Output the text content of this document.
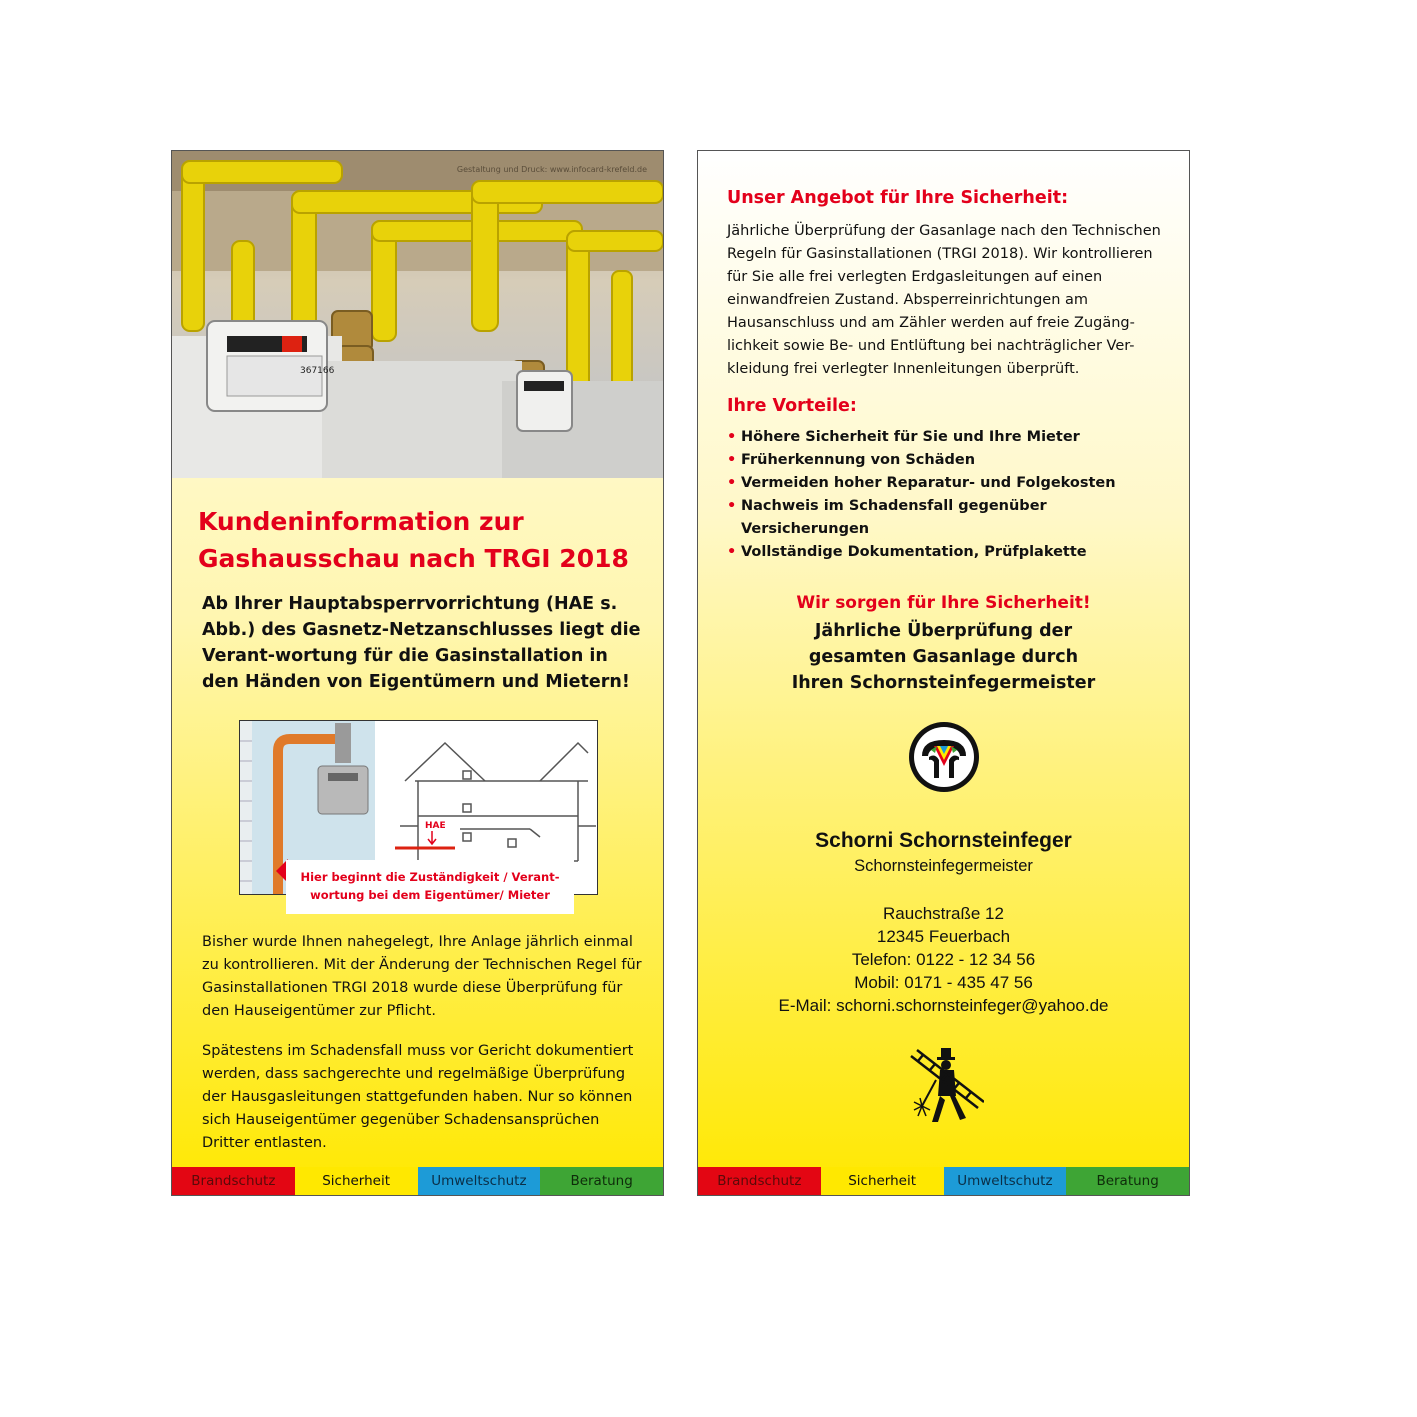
367166
Gestaltung und Druck: www.infocard-krefeld.de
Kundeninformation zur
Gashausschau nach TRGI 2018

Ab Ihrer Hauptabsperrvorrichtung (HAE s. Abb.) des Gasnetz-Netzanschlusses liegt die Verant-wortung für die Gasinstallation in den Händen von Eigentümern und Mietern!

HAE
Hier beginnt die Zuständigkeit / Verant-
wortung bei dem Eigentümer/ Mieter

Bisher wurde Ihnen nahegelegt, Ihre Anlage jährlich einmal zu kontrollieren. Mit der Änderung der Technischen Regel für Gasinstallationen TRGI 2018 wurde diese Überprüfung für den Hauseigentümer zur Pflicht.

Spätestens im Schadensfall muss vor Gericht dokumentiert werden, dass sachgerechte und regelmäßige Überprüfung der Hausgasleitungen stattgefunden haben. Nur so können sich Hauseigentümer gegenüber Schadensansprüchen Dritter entlasten.

Brandschutz	Sicherheit	Umweltschutz	Beratung
Unser Angebot für Ihre Sicherheit:

Jährliche Überprüfung der Gasanlage nach den Technischen Regeln für Gasinstallationen (TRGI 2018). Wir kontrollieren für Sie alle frei verlegten Erdgasleitungen auf einen einwandfreien Zustand. Absperreinrichtungen am Hausanschluss und am Zähler werden auf freie Zugäng-lichkeit sowie Be- und Entlüftung bei nachträglicher Ver-kleidung frei verlegter Innenleitungen überprüft.

Ihre Vorteile:
• Höhere Sicherheit für Sie und Ihre Mieter
• Früherkennung von Schäden
• Vermeiden hoher Reparatur- und Folgekosten
• Nachweis im Schadensfall gegenüber Versicherungen
• Vollständige Dokumentation, Prüfplakette

Wir sorgen für Ihre Sicherheit!

Jährliche Überprüfung der
gesamten Gasanlage durch
Ihren Schornsteinfegermeister

Schorni Schornsteinfeger

Schornsteinfegermeister

Rauchstraße 12
12345 Feuerbach
Telefon: 0122 - 12 34 56
Mobil: 0171 - 435 47 56
E-Mail: schorni.schornsteinfeger@yahoo.de
Brandschutz	Sicherheit	Umweltschutz	Beratung
